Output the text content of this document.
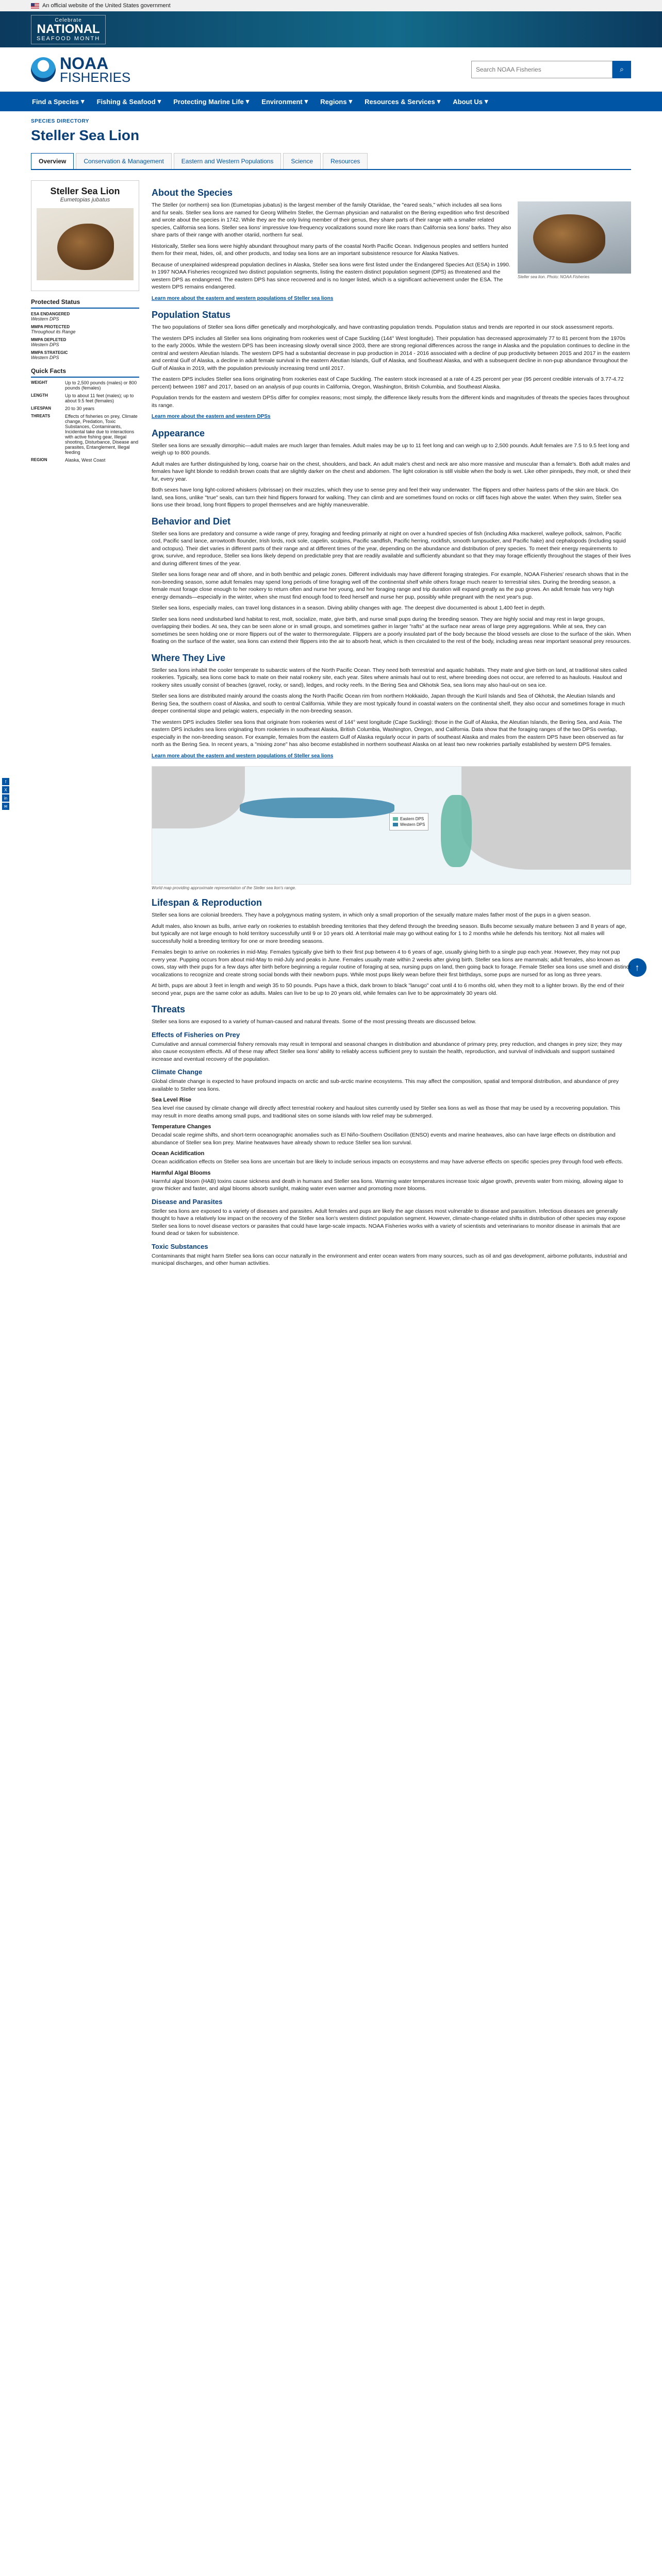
An official website of the United States government
Celebrate
NATIONAL
SEAFOOD MONTH
NOAA
FISHERIES
Search NOAA Fisheries
⌕
Find a Species ▾ Fishing & Seafood ▾ Protecting Marine Life ▾ Environment ▾ Regions ▾ Resources & Services ▾ About Us ▾
f
X
in
✉
↑
SPECIES DIRECTORY
Steller Sea Lion
Overview	Conservation & Management	Eastern and Western Populations	Science	Resources
Steller Sea Lion
Eumetopias jubatus
Protected Status
ESA ENDANGERED
Western DPS
MMPA PROTECTED
Throughout its Range
MMPA DEPLETED
Western DPS
MMPA STRATEGIC
Western DPS
Quick Facts
WEIGHT	Up to 2,500 pounds (males) or 800 pounds (females)
LENGTH	Up to about 11 feet (males); up to about 9.5 feet (females)
LIFESPAN	20 to 30 years
THREATS	Effects of fisheries on prey, Climate change, Predation, Toxic Substances, Contaminants, Incidental take due to interactions with active fishing gear, Illegal shooting, Disturbance, Disease and parasites, Entanglement, Illegal feeding
REGION	Alaska, West Coast
About the Species
Steller sea lion. Photo: NOAA Fisheries

The Steller (or northern) sea lion (Eumetopias jubatus) is the largest member of the family Otariidae, the "eared seals," which includes all sea lions and fur seals. Steller sea lions are named for Georg Wilhelm Steller, the German physician and naturalist on the Bering expedition who first described and wrote about the species in 1742. While they are the only living member of their genus, they share parts of their range with a smaller related species, California sea lions. Steller sea lions' impressive low-frequency vocalizations sound more like roars than California sea lions' barks. They also share parts of their range with another otariid, northern fur seal.

Historically, Steller sea lions were highly abundant throughout many parts of the coastal North Pacific Ocean. Indigenous peoples and settlers hunted them for their meat, hides, oil, and other products, and today sea lions are an important subsistence resource for Alaska Natives.

Because of unexplained widespread population declines in Alaska, Steller sea lions were first listed under the Endangered Species Act (ESA) in 1990. In 1997 NOAA Fisheries recognized two distinct population segments, listing the eastern distinct population segment (DPS) as threatened and the western DPS as endangered. The eastern DPS has since recovered and is no longer listed, which is a significant achievement under the ESA. The western DPS remains endangered.

Learn more about the eastern and western populations of Steller sea lions

Population Status

The two populations of Steller sea lions differ genetically and morphologically, and have contrasting population trends. Population status and trends are reported in our stock assessment reports.

The western DPS includes all Steller sea lions originating from rookeries west of Cape Suckling (144° West longitude). Their population has decreased approximately 77 to 81 percent from the 1970s to the early 2000s. While the western DPS has been increasing slowly overall since 2003, there are strong regional differences across the range in Alaska and the population continues to decline in the central and western Aleutian Islands. The western DPS had a substantial decrease in pup production in 2014 - 2016 associated with a decline of pup productivity between 2015 and 2017 in the eastern and central Gulf of Alaska, a decline in adult female survival in the eastern Aleutian Islands, Gulf of Alaska, and Southeast Alaska, and with a subsequent decline in non-pup abundance throughout the Gulf of Alaska in 2019, with the population previously increasing trend until 2017.

The eastern DPS includes Steller sea lions originating from rookeries east of Cape Suckling. The eastern stock increased at a rate of 4.25 percent per year (95 percent credible intervals of 3.77-4.72 percent) between 1987 and 2017, based on an analysis of pup counts in California, Oregon, Washington, British Columbia, and Southeast Alaska.

Population trends for the eastern and western DPSs differ for complex reasons; most simply, the difference likely results from the different kinds and magnitudes of threats the species faces throughout its range.

Learn more about the eastern and western DPSs

Appearance

Steller sea lions are sexually dimorphic—adult males are much larger than females. Adult males may be up to 11 feet long and can weigh up to 2,500 pounds. Adult females are 7.5 to 9.5 feet long and weigh up to 800 pounds.

Adult males are further distinguished by long, coarse hair on the chest, shoulders, and back. An adult male's chest and neck are also more massive and muscular than a female's. Both adult males and females have light blonde to reddish brown coats that are slightly darker on the chest and abdomen. The light coloration is still visible when the body is wet. Like other pinnipeds, they molt, or shed their fur, every year.

Both sexes have long light-colored whiskers (vibrissae) on their muzzles, which they use to sense prey and feel their way underwater. The flippers and other hairless parts of the skin are black. On land, sea lions, unlike "true" seals, can turn their hind flippers forward for walking. They can climb and are sometimes found on rocks or cliff faces high above the water. When they swim, Steller sea lions use their broad, long front flippers to propel themselves and are highly maneuverable.

Behavior and Diet

Steller sea lions are predatory and consume a wide range of prey, foraging and feeding primarily at night on over a hundred species of fish (including Atka mackerel, walleye pollock, salmon, Pacific cod, Pacific sand lance, arrowtooth flounder, Irish lords, rock sole, capelin, sculpins, Pacific sandfish, Pacific herring, rockfish, smooth lumpsucker, and Pacific hake) and cephalopods (including squid and octopus). Their diet varies in different parts of their range and at different times of the year, depending on the abundance and distribution of prey species. To meet their energy requirements to grow, survive, and reproduce, Steller sea lions likely depend on predictable prey that are readily available and sufficiently abundant so that they may forage efficiently throughout the stages of their lives and during different times of the year.

Steller sea lions forage near and off shore, and in both benthic and pelagic zones. Different individuals may have different foraging strategies. For example, NOAA Fisheries' research shows that in the non-breeding season, some adult females may spend long periods of time foraging well off the continental shelf while others forage much nearer to terrestrial sites. During the breeding season, a female must forage close enough to her rookery to return often and nurse her young, and her foraging range and trip duration will expand greatly as the pup grows. An adult female has very high energy demands—especially in the winter, when she must find enough food to feed herself and nurse her pup, possibly while pregnant with the next year's pup.

Steller sea lions, especially males, can travel long distances in a season. Diving ability changes with age. The deepest dive documented is about 1,400 feet in depth.

Steller sea lions need undisturbed land habitat to rest, molt, socialize, mate, give birth, and nurse small pups during the breeding season. They are highly social and may rest in large groups, overlapping their bodies. At sea, they can be seen alone or in small groups, and sometimes gather in larger "rafts" at the surface near areas of large prey aggregations. While at sea, they can sometimes be seen holding one or more flippers out of the water to thermoregulate. Flippers are a poorly insulated part of the body because the blood vessels are close to the surface of the skin. When floating on the surface of the water, sea lions can extend their flippers into the air to absorb heat, which is then circulated to the rest of the body, including areas near important seasonal prey resources.

Where They Live

Steller sea lions inhabit the cooler temperate to subarctic waters of the North Pacific Ocean. They need both terrestrial and aquatic habitats. They mate and give birth on land, at traditional sites called rookeries. Typically, sea lions come back to mate on their natal rookery site, each year. Sites where animals haul out to rest, where breeding does not occur, are referred to as haulouts. Haulout and rookery sites usually consist of beaches (gravel, rocky, or sand), ledges, and rocky reefs. In the Bering Sea and Okhotsk Sea, sea lions may also haul-out on sea ice.

Steller sea lions are distributed mainly around the coasts along the North Pacific Ocean rim from northern Hokkaido, Japan through the Kuril Islands and Sea of Okhotsk, the Aleutian Islands and Bering Sea, the southern coast of Alaska, and south to central California. While they are most typically found in coastal waters on the continental shelf, they also occur and sometimes forage in much deeper continental slope and pelagic waters, especially in the non-breeding season.

The western DPS includes Steller sea lions that originate from rookeries west of 144° west longitude (Cape Suckling): those in the Gulf of Alaska, the Aleutian Islands, the Bering Sea, and Asia. The eastern DPS includes sea lions originating from rookeries in southeast Alaska, British Columbia, Washington, Oregon, and California. Data show that the foraging ranges of the two DPSs overlap, especially in the non-breeding season. For example, females from the eastern Gulf of Alaska regularly occur in parts of southeast Alaska and males from the eastern DPS have been observed as far north as the Bering Sea. In recent years, a "mixing zone" has also become established in northern southeast Alaska on at least two new rookeries partially established by western DPS females.

Learn more about the eastern and western populations of Steller sea lions

Eastern DPS
Western DPS
World map providing approximate representation of the Steller sea lion's range.
Lifespan & Reproduction

Steller sea lions are colonial breeders. They have a polygynous mating system, in which only a small proportion of the sexually mature males father most of the pups in a given season.

Adult males, also known as bulls, arrive early on rookeries to establish breeding territories that they defend through the breeding season. Bulls become sexually mature between 3 and 8 years of age, but typically are not large enough to hold territory successfully until 9 or 10 years old. A territorial male may go without eating for 1 to 2 months while he defends his territory. Not all males will successfully hold a breeding territory for one or more breeding seasons.

Females begin to arrive on rookeries in mid-May. Females typically give birth to their first pup between 4 to 6 years of age, usually giving birth to a single pup each year. However, they may not pup every year. Pupping occurs from about mid-May to mid-July and peaks in June. Females usually mate within 2 weeks after giving birth. Steller sea lions are mammals; adult females, also known as cows, stay with their pups for a few days after birth before beginning a regular routine of foraging at sea, nursing pups on land, then going back to forage. Female Steller sea lions use smell and distinct vocalizations to recognize and create strong social bonds with their newborn pups. While most pups likely wean before their first birthdays, some pups are nursed for as long as three years.

At birth, pups are about 3 feet in length and weigh 35 to 50 pounds. Pups have a thick, dark brown to black "lanugo" coat until 4 to 6 months old, when they molt to a lighter brown. By the end of their second year, pups are the same color as adults. Males can live to be up to 20 years old, while females can live to be approximately 30 years old.

Threats

Steller sea lions are exposed to a variety of human-caused and natural threats. Some of the most pressing threats are discussed below.

Effects of Fisheries on Prey

Cumulative and annual commercial fishery removals may result in temporal and seasonal changes in distribution and abundance of primary prey, prey reduction, and changes in prey size; they may also cause ecosystem effects. All of these may affect Steller sea lions' ability to reliably access sufficient prey to sustain the health, reproduction, and survival of individuals and support sustained increase and eventual recovery of the population.

Climate Change

Global climate change is expected to have profound impacts on arctic and sub-arctic marine ecosystems. This may affect the composition, spatial and temporal distribution, and abundance of prey available to Steller sea lions.

Sea Level Rise

Sea level rise caused by climate change will directly affect terrestrial rookery and haulout sites currently used by Steller sea lions as well as those that may be used by a recovering population. This may result in more deaths among small pups, and traditional sites on some islands with low relief may be submerged.

Temperature Changes

Decadal scale regime shifts, and short-term oceanographic anomalies such as El Niño-Southern Oscillation (ENSO) events and marine heatwaves, also can have large effects on distribution and abundance of Steller sea lion prey. Marine heatwaves have already shown to reduce Steller sea lion survival.

Ocean Acidification

Ocean acidification effects on Steller sea lions are uncertain but are likely to include serious impacts on ecosystems and may have adverse effects on specific species prey through food web effects.

Harmful Algal Blooms

Harmful algal bloom (HAB) toxins cause sickness and death in humans and Steller sea lions. Warming water temperatures increase toxic algae growth, prevents water from mixing, allowing algae to grow thicker and faster, and algal blooms absorb sunlight, making water even warmer and promoting more blooms.

Disease and Parasites

Steller sea lions are exposed to a variety of diseases and parasites. Adult females and pups are likely the age classes most vulnerable to disease and parasitism. Infectious diseases are generally thought to have a relatively low impact on the recovery of the Steller sea lion's western distinct population segment. However, climate-change-related shifts in distribution of other species may expose Steller sea lions to novel disease vectors or parasites that could have large-scale impacts. NOAA Fisheries works with a variety of scientists and veterinarians to monitor disease in animals that are found dead or taken for subsistence.

Toxic Substances

Contaminants that might harm Steller sea lions can occur naturally in the environment and enter ocean waters from many sources, such as oil and gas development, airborne pollutants, industrial and municipal discharges, and other human activities.
